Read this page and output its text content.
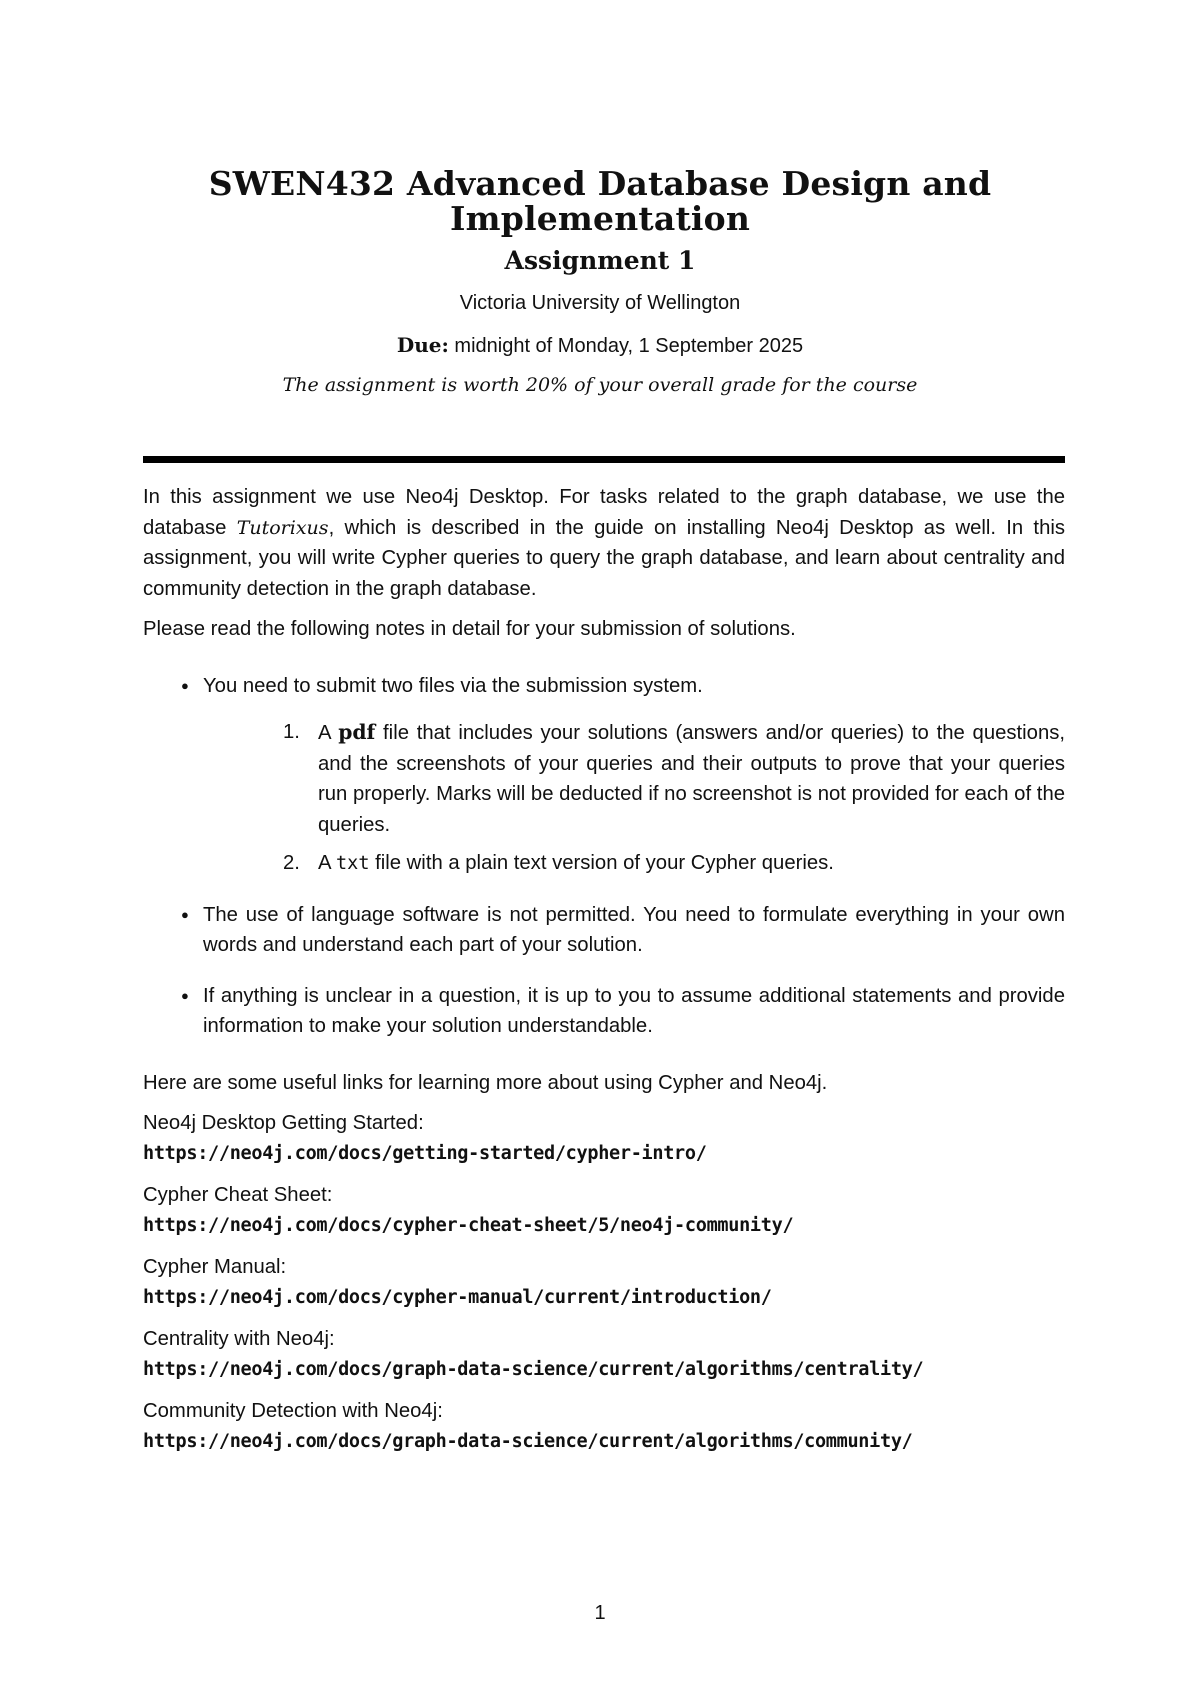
SWEN432 Advanced Database Design and Implementation
Assignment 1
Victoria University of Wellington
Due: midnight of Monday, 1 September 2025
The assignment is worth 20% of your overall grade for the course

In this assignment we use Neo4j Desktop. For tasks related to the graph database, we use the database Tutorixus, which is described in the guide on installing Neo4j Desktop as well. In this assignment, you will write Cypher queries to query the graph database, and learn about centrality and community detection in the graph database.

Please read the following notes in detail for your submission of solutions.

● You need to submit two files via the submission system.
1. A pdf file that includes your solutions (answers and/or queries) to the questions, and the screenshots of your queries and their outputs to prove that your queries run properly. Marks will be deducted if no screenshot is not provided for each of the queries.
2. A txt file with a plain text version of your Cypher queries.
● The use of language software is not permitted. You need to formulate everything in your own words and understand each part of your solution.
● If anything is unclear in a question, it is up to you to assume additional statements and provide information to make your solution understandable.

Here are some useful links for learning more about using Cypher and Neo4j.

Neo4j Desktop Getting Started:
https://neo4j.com/docs/getting-started/cypher-intro/
Cypher Cheat Sheet:
https://neo4j.com/docs/cypher-cheat-sheet/5/neo4j-community/
Cypher Manual:
https://neo4j.com/docs/cypher-manual/current/introduction/
Centrality with Neo4j:
https://neo4j.com/docs/graph-data-science/current/algorithms/centrality/
Community Detection with Neo4j:
https://neo4j.com/docs/graph-data-science/current/algorithms/community/
1
